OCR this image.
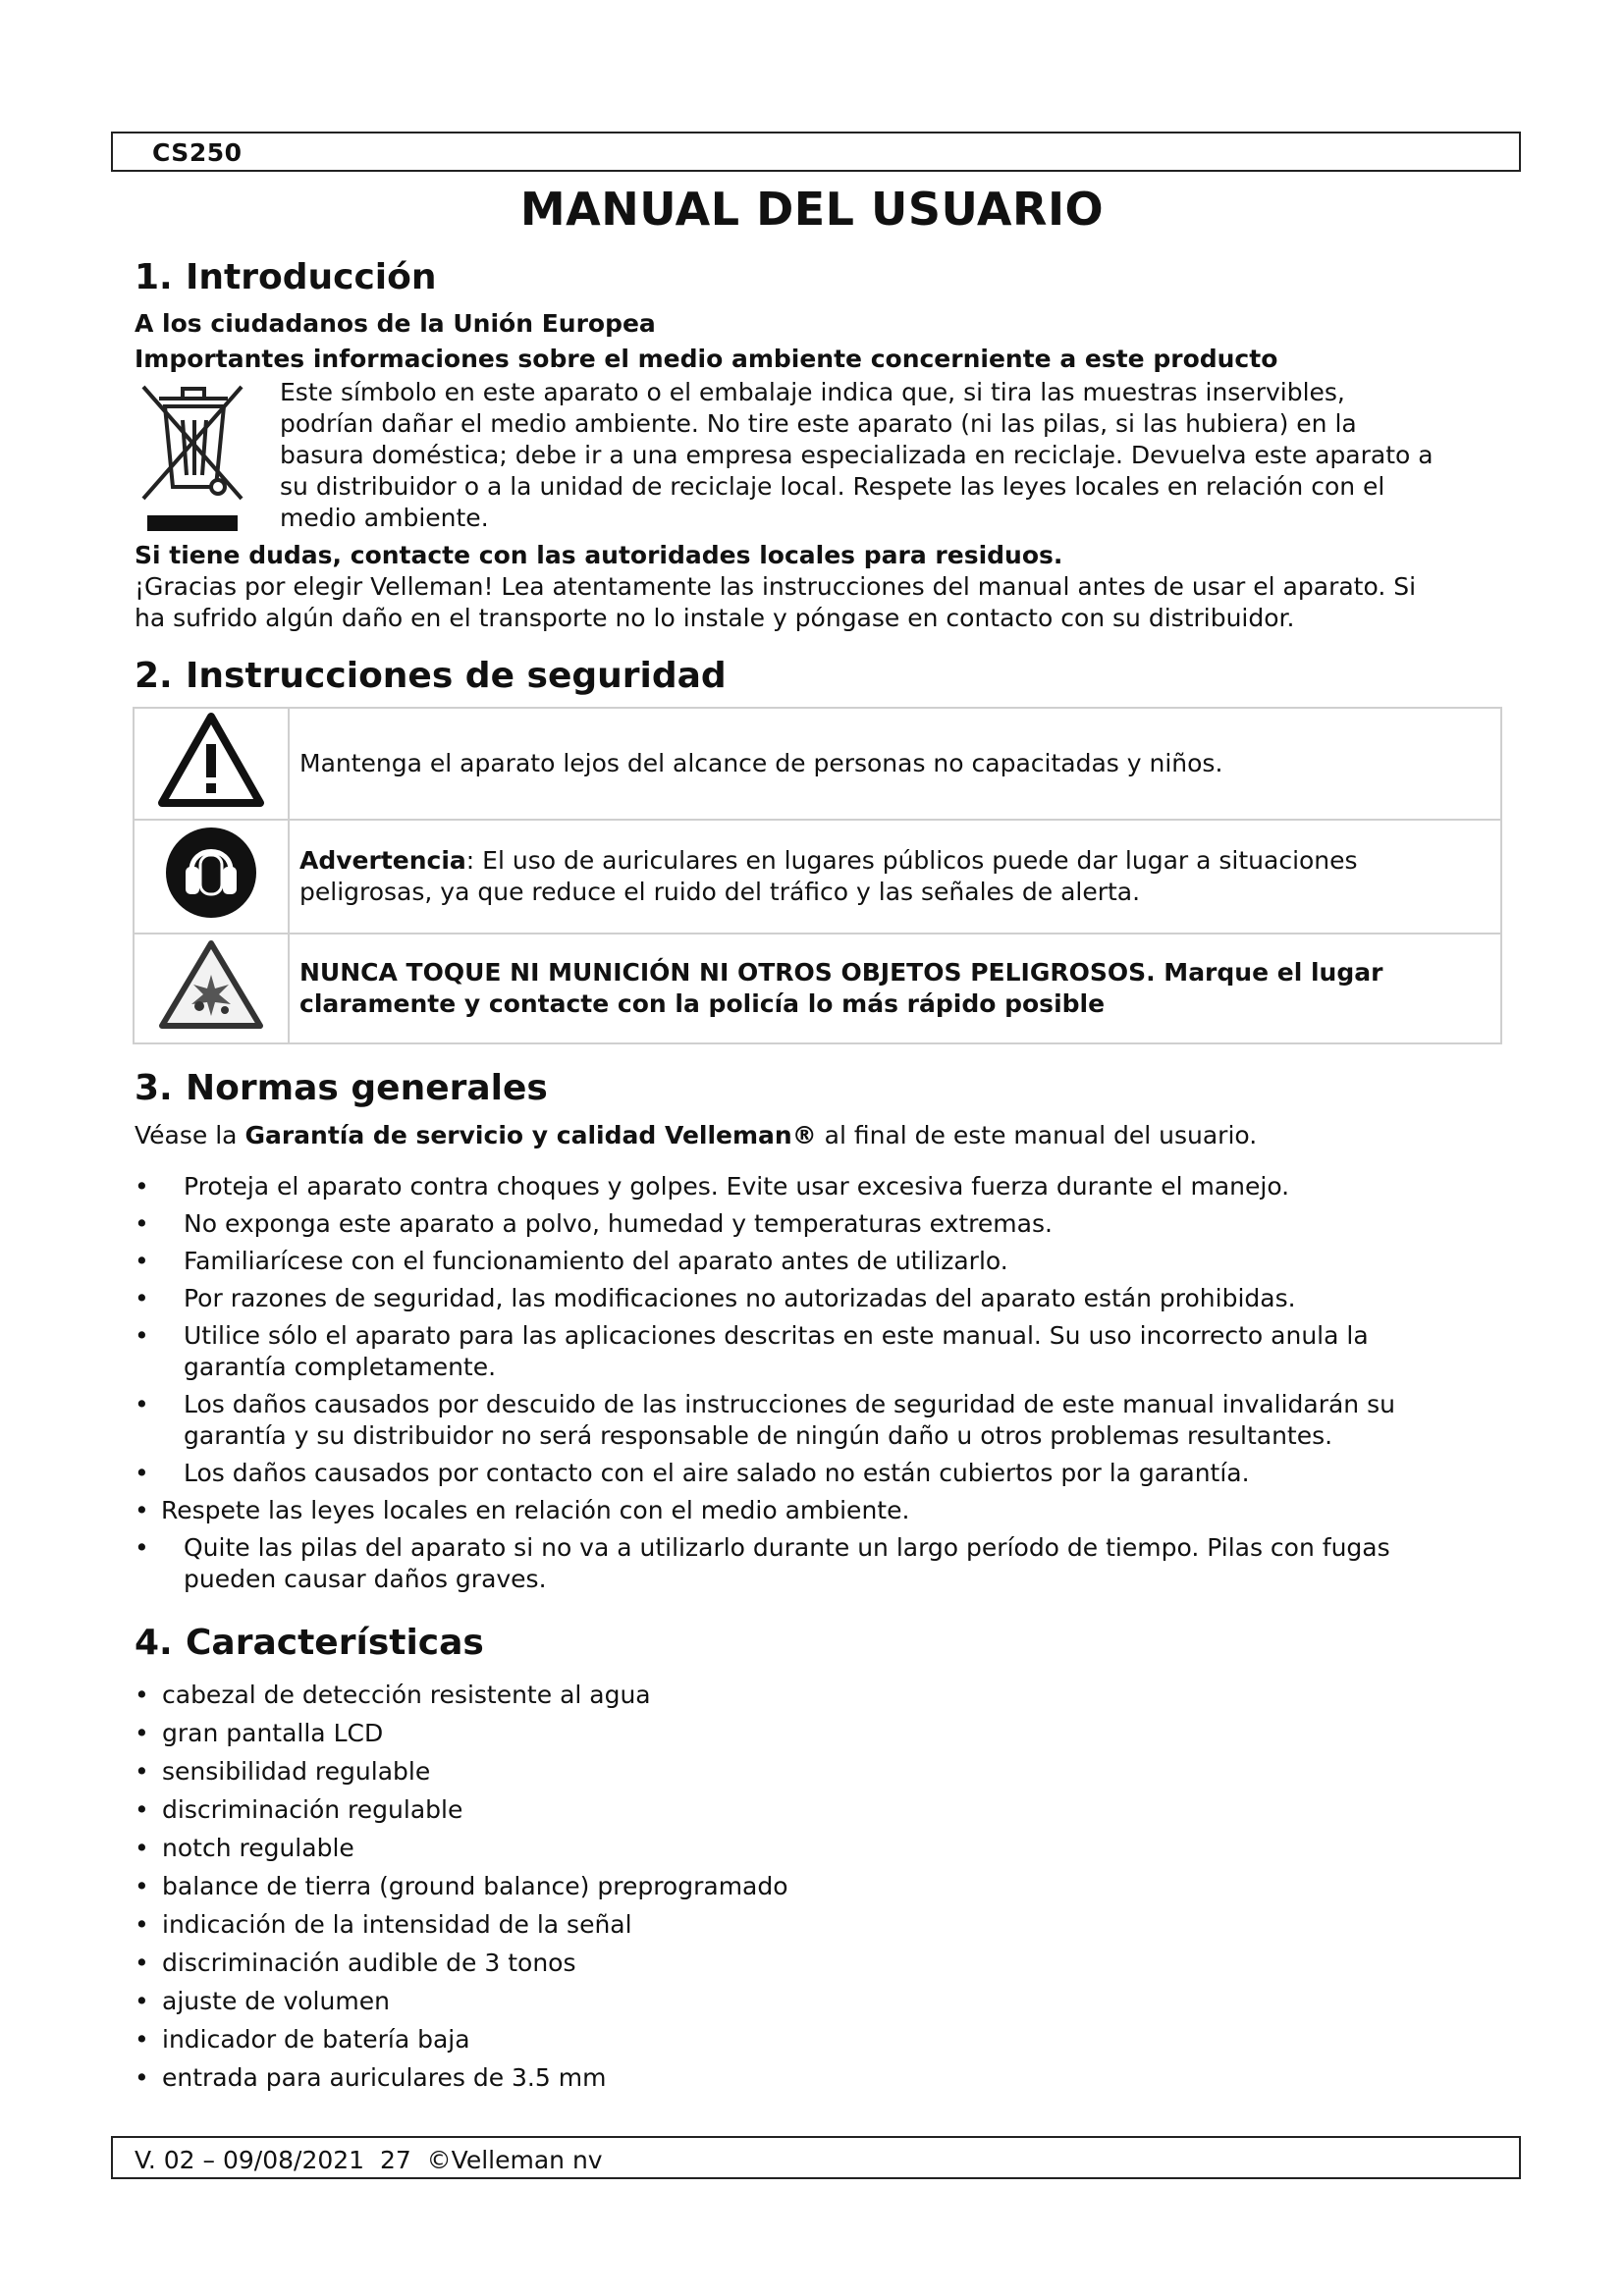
CS250
MANUAL DEL USUARIO
1. Introducción
A los ciudadanos de la Unión Europea
Importantes informaciones sobre el medio ambiente concerniente a este producto
Este símbolo en este aparato o el embalaje indica que, si tira las muestras inservibles,
podrían dañar el medio ambiente. No tire este aparato (ni las pilas, si las hubiera) en la
basura doméstica; debe ir a una empresa especializada en reciclaje. Devuelva este aparato a
su distribuidor o a la unidad de reciclaje local. Respete las leyes locales en relación con el
medio ambiente.
Si tiene dudas, contacte con las autoridades locales para residuos.
¡Gracias por elegir Velleman! Lea atentamente las instrucciones del manual antes de usar el aparato. Si
ha sufrido algún daño en el transporte no lo instale y póngase en contacto con su distribuidor.
2. Instrucciones de seguridad
	Mantenga el aparato lejos del alcance de personas no capacitadas y niños.

Advertencia: El uso de auriculares en lugares públicos puede dar lugar a situaciones
peligrosas, ya que reduce el ruido del tráfico y las señales de alerta.

NUNCA TOQUE NI MUNICIÓN NI OTROS OBJETOS PELIGROSOS. Marque el lugar
claramente y contacte con la policía lo más rápido posible
3. Normas generales
Véase la Garantía de servicio y calidad Velleman® al final de este manual del usuario.
• Proteja el aparato contra choques y golpes. Evite usar excesiva fuerza durante el manejo.
• No exponga este aparato a polvo, humedad y temperaturas extremas.
• Familiarícese con el funcionamiento del aparato antes de utilizarlo.
• Por razones de seguridad, las modificaciones no autorizadas del aparato están prohibidas.
• Utilice sólo el aparato para las aplicaciones descritas en este manual. Su uso incorrecto anula la
garantía completamente.
• Los daños causados por descuido de las instrucciones de seguridad de este manual invalidarán su
garantía y su distribuidor no será responsable de ningún daño u otros problemas resultantes.
• Los daños causados por contacto con el aire salado no están cubiertos por la garantía.
• Respete las leyes locales en relación con el medio ambiente.
• Quite las pilas del aparato si no va a utilizarlo durante un largo período de tiempo. Pilas con fugas
pueden causar daños graves.
4. Características
• cabezal de detección resistente al agua
• gran pantalla LCD
• sensibilidad regulable
• discriminación regulable
• notch regulable
• balance de tierra (ground balance) preprogramado
• indicación de la intensidad de la señal
• discriminación audible de 3 tonos
• ajuste de volumen
• indicador de batería baja
• entrada para auriculares de 3.5 mm
V. 02 – 09/08/2021  27  ©Velleman nv
